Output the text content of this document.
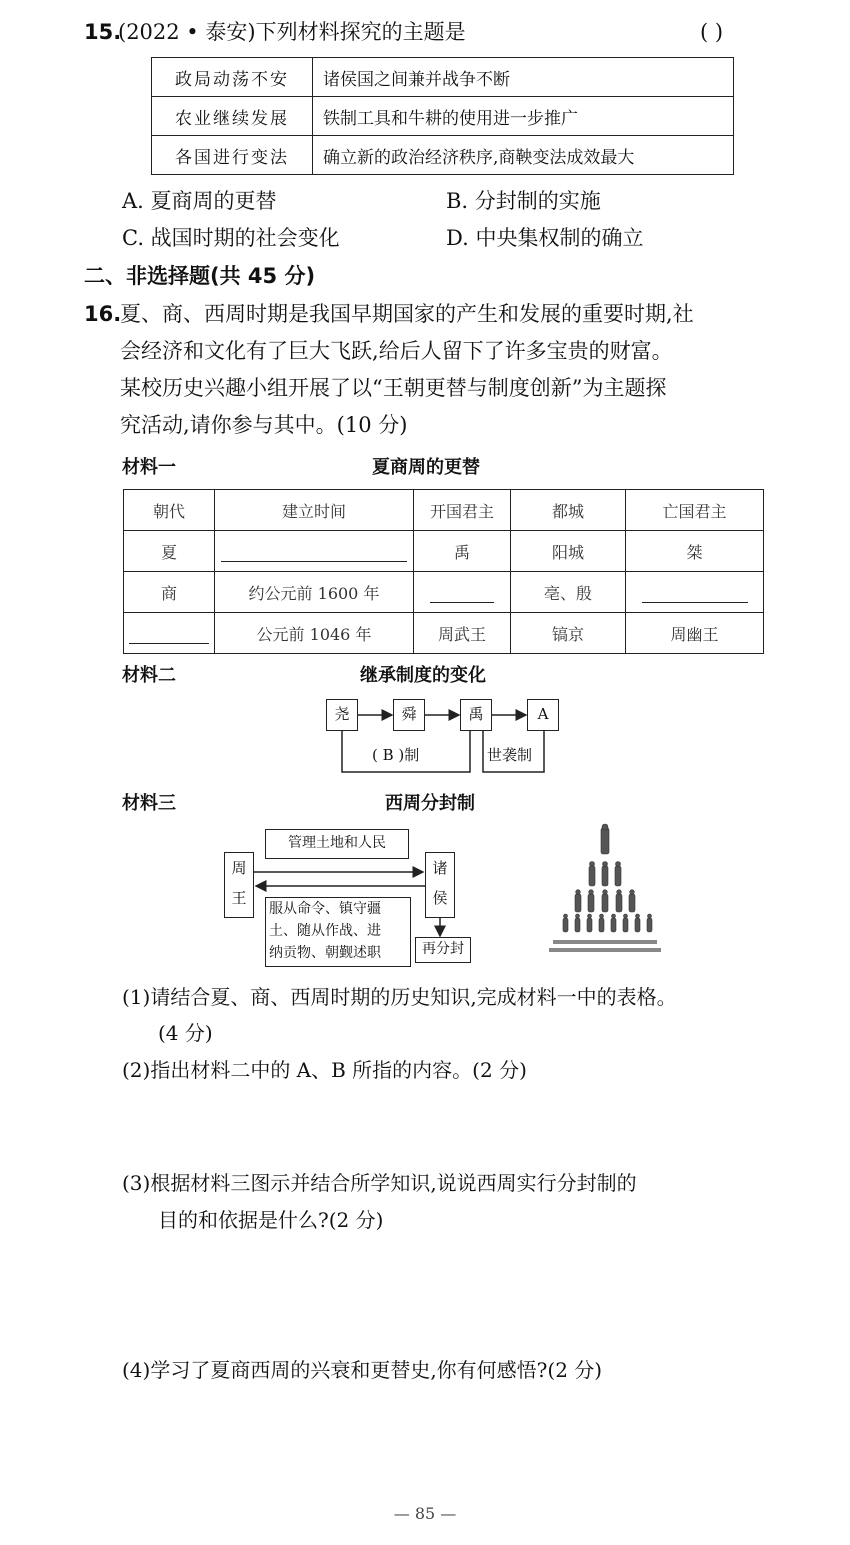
15.
(2022 • 泰安)下列材料探究的主题是	( )
政局动荡不安	诸侯国之间兼并战争不断
农业继续发展	铁制工具和牛耕的使用进一步推广
各国进行变法	确立新的政治经济秩序,商鞅变法成效最大
A. 夏商周的更替	B. 分封制的实施
C. 战国时期的社会变化	D. 中央集权制的确立
二、非选择题(共 45 分)
16.
夏、商、西周时期是我国早期国家的产生和发展的重要时期,社
会经济和文化有了巨大飞跃,给后人留下了许多宝贵的财富。
某校历史兴趣小组开展了以“王朝更替与制度创新”为主题探
究活动,请你参与其中。(10 分)
材料一	夏商周的更替
朝代	建立时间	开国君主	都城	亡国君主
夏		禹	阳城	桀
商	约公元前 1600 年		亳、殷	
	公元前 1046 年	周武王	镐京	周幽王
材料二	继承制度的变化
尧	舜	禹	A
( B )制	世袭制
材料三	西周分封制
管理土地和人民
周
王
诸
侯
服从命令、镇守疆
土、随从作战、进
纳贡物、朝觐述职	再分封
(1)请结合夏、商、西周时期的历史知识,完成材料一中的表格。
(4 分)
(2)指出材料二中的 A、B 所指的内容。(2 分)
(3)根据材料三图示并结合所学知识,说说西周实行分封制的
目的和依据是什么?(2 分)
(4)学习了夏商西周的兴衰和更替史,你有何感悟?(2 分)
— 85 —
